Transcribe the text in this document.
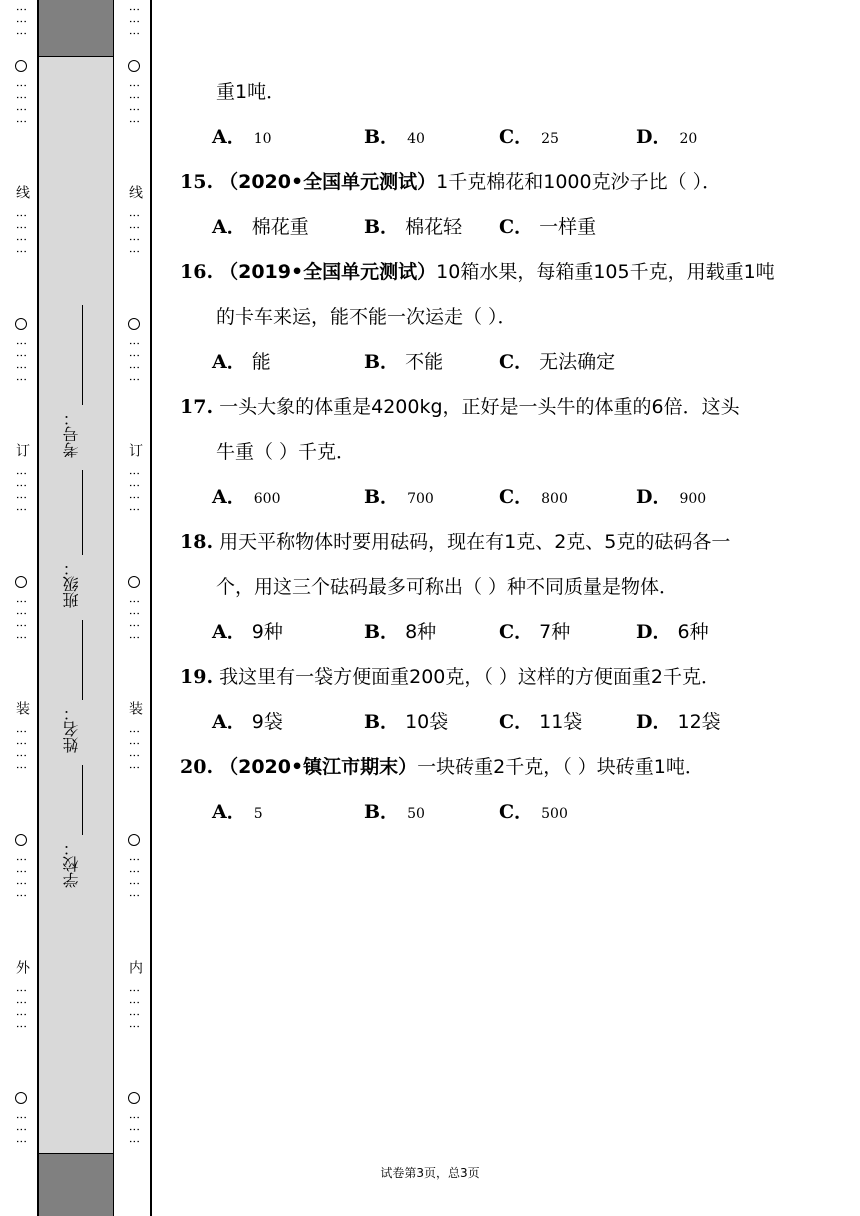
⋮⋮⋮
⋮⋮⋮⋮
线
⋮⋮⋮⋮
⋮⋮⋮⋮
订
⋮⋮⋮⋮
⋮⋮⋮⋮
装
⋮⋮⋮⋮
⋮⋮⋮⋮
外
⋮⋮⋮⋮
⋮⋮⋮
考号：
班级：
姓名：
学校：
⋮⋮⋮
⋮⋮⋮⋮
线
⋮⋮⋮⋮
⋮⋮⋮⋮
订
⋮⋮⋮⋮
⋮⋮⋮⋮
装
⋮⋮⋮⋮
⋮⋮⋮⋮
内
⋮⋮⋮⋮
⋮⋮⋮
重1吨．
A． 10	B． 40	C． 25	D． 20
15. （2020•全国单元测试）1千克棉花和1000克沙子比（ ）．
A． 棉花重	B． 棉花轻 C． 一样重
16. （2019•全国单元测试）10箱水果，每箱重105千克，用载重1吨
的卡车来运，能不能一次运走（ ）．
A． 能	B． 不能	C． 无法确定
17. 一头大象的体重是4200kg，正好是一头牛的体重的6倍．这头
牛重（ ）千克．
A． 600	B． 700	C． 800	D． 900
18. 用天平称物体时要用砝码，现在有1克、2克、5克的砝码各一
个，用这三个砝码最多可称出（ ）种不同质量是物体．
A． 9种	B． 8种	C． 7种	D． 6种
19. 我这里有一袋方便面重200克，（ ）这样的方便面重2千克．
A． 9袋	B． 10袋	C． 11袋	D． 12袋
20. （2020•镇江市期末）一块砖重2千克，（ ）块砖重1吨．
A． 5	B． 50	C． 500
试卷第3页，总3页
